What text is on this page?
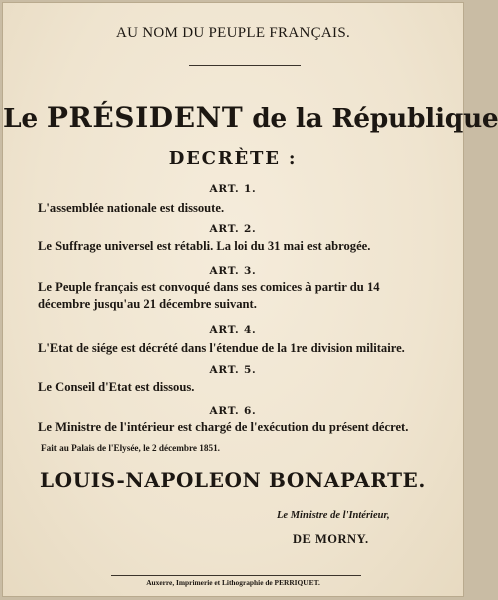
AU NOM DU PEUPLE FRANÇAIS.
Le PRÉSIDENT de la République
DECRÈTE :
ART. 1.
L'assemblée nationale est dissoute.
ART. 2.
Le Suffrage universel est rétabli. La loi du 31 mai est abrogée.
ART. 3.
Le Peuple français est convoqué dans ses comices à partir du 14
décembre jusqu'au 21 décembre suivant.
ART. 4.
L'Etat de siége est décrété dans l'étendue de la 1re division militaire.
ART. 5.
Le Conseil d'Etat est dissous.
ART. 6.
Le Ministre de l'intérieur est chargé de l'exécution du présent décret.
Fait au Palais de l'Elysée, le 2 décembre 1851.
LOUIS-NAPOLEON BONAPARTE.
Le Ministre de l'Intérieur,
DE MORNY.
Auxerre, Imprimerie et Lithographie de PERRIQUET.
